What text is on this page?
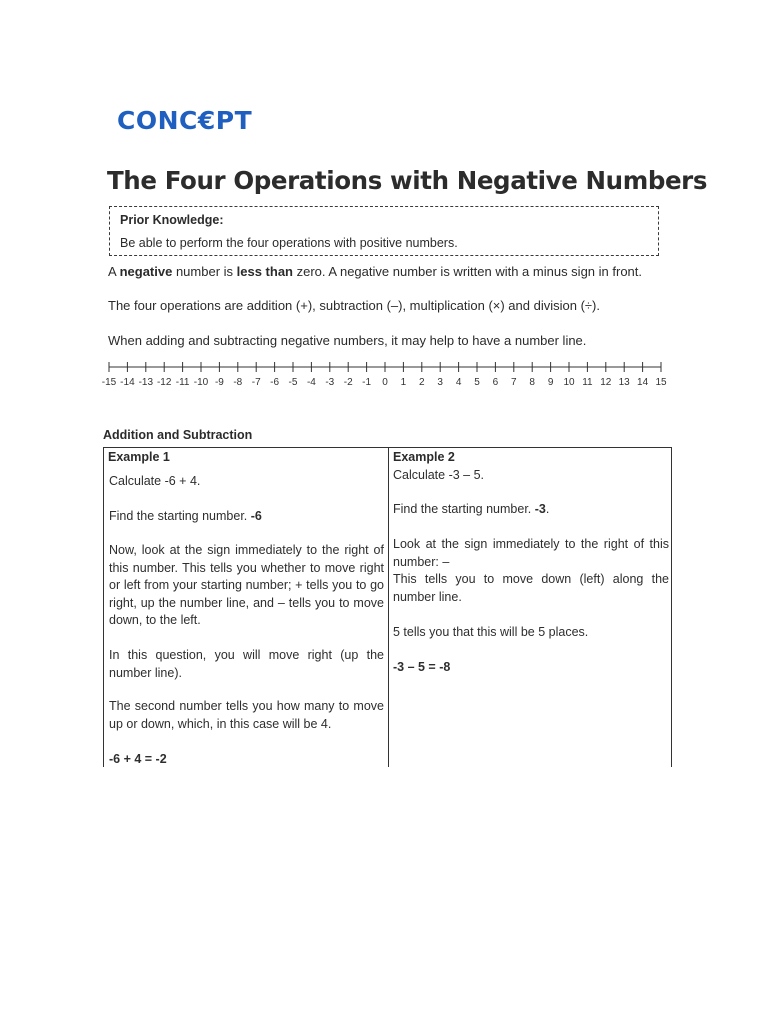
CONC€PT
The Four Operations with Negative Numbers
Prior Knowledge:
Be able to perform the four operations with positive numbers.

A negative number is less than zero. A negative number is written with a minus sign in front.

The four operations are addition (+), subtraction (–), multiplication (×) and division (÷).

When adding and subtracting negative numbers, it may help to have a number line.

-15 -14 -13 -12 -11 -10 -9 -8 -7 -6 -5 -4 -3 -2 -1 0 1 2 3 4 5 6 7 8 9 10 11 12 13 14 15
Addition and Subtraction
Example 1

Calculate -6 + 4.

Find the starting number. -6

Now, look at the sign immediately to the right of this number. This tells you whether to move right or left from your starting number; + tells you to go right, up the number line, and – tells you to move down, to the left.

In this question, you will move right (up the number line).

The second number tells you how many to move up or down, which, in this case will be 4.

-6 + 4 = -2

Example 2

Calculate -3 – 5.

Find the starting number. -3.

Look at the sign immediately to the right of this number: –

This tells you to move down (left) along the number line.

5 tells you that this will be 5 places.

-3 – 5 = -8
